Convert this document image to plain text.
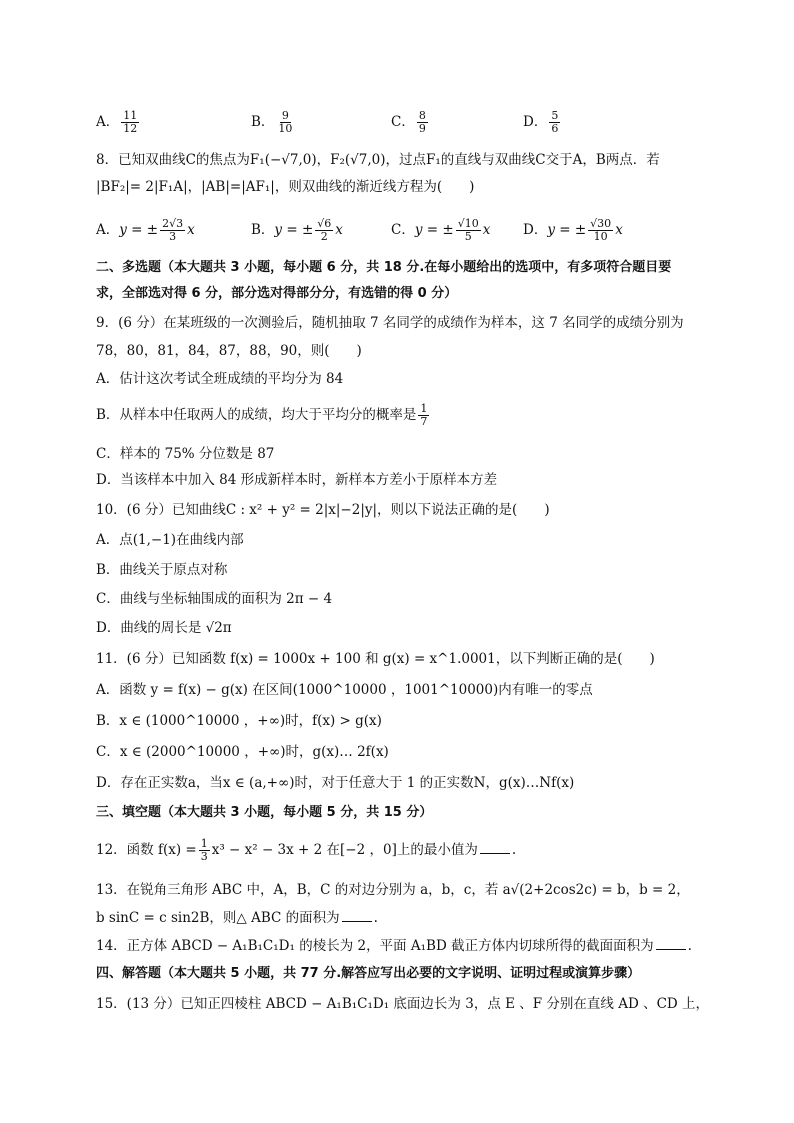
A． $\frac{11}{12}$	B． $\frac{9}{10}$	C． $\frac{8}{9}$	D． $\frac{5}{6}$
8．已知双曲线C的焦点为F₁(−√7,0)，F₂(√7,0)，过点F₁的直线与双曲线C交于A，B两点．若
|BF₂|= 2|F₁A|，|AB|=|AF₁|，则双曲线的渐近线方程为(　　)
A．y = ± $\frac{2√3}{3}$ x	B．y = ± $\frac{√6}{2}$ x	C．y = ± $\frac{√10}{5}$ x D．y = ± $\frac{√30}{10}$ x
二、多选题（本大题共 3 小题，每小题 6 分，共 18 分.在每小题给出的选项中，有多项符合题目要
求，全部选对得 6 分，部分选对得部分分，有选错的得 0 分）
9．(6 分）在某班级的一次测验后，随机抽取 7 名同学的成绩作为样本，这 7 名同学的成绩分别为
78，80，81，84，87，88，90，则(　　)
A．估计这次考试全班成绩的平均分为 84
B．从样本中任取两人的成绩，均大于平均分的概率是 $\frac{1}{7}$
C．样本的 75% 分位数是 87
D．当该样本中加入 84 形成新样本时，新样本方差小于原样本方差
10．(6 分）已知曲线C : x² + y² = 2|x|−2|y|，则以下说法正确的是(　　)
A．点(1,−1)在曲线内部
B．曲线关于原点对称
C．曲线与坐标轴围成的面积为 2π − 4
D．曲线的周长是 √2π
11．(6 分）已知函数 f(x) = 1000x + 100 和 g(x) = x^1.0001，以下判断正确的是(　　)
A．函数 y = f(x) − g(x) 在区间(1000^10000 ，1001^10000)内有唯一的零点
B．x ∈ (1000^10000 ，+∞)时，f(x) > g(x)
C．x ∈ (2000^10000 ，+∞)时，g(x)… 2f(x)
D．存在正实数a，当x ∈ (a,+∞)时，对于任意大于 1 的正实数N，g(x)…Nf(x)
三、填空题（本大题共 3 小题，每小题 5 分，共 15 分）
12．函数 $f(x) = \frac{1}{3} x^3 - x^2 - 3x + 2$ 在[−2 ，0]上的最小值为	.
13．在锐角三角形 ABC 中，A，B，C 的对边分别为 a，b，c，若 a√(2+2cos2c) = b，b = 2，
b sinC = c sin2B，则△ ABC 的面积为	.
14．正方体 ABCD − A₁B₁C₁D₁ 的棱长为 2，平面 A₁BD 截正方体内切球所得的截面面积为	.
四、解答题（本大题共 5 小题，共 77 分.解答应写出必要的文字说明、证明过程或演算步骤）
15．(13 分）已知正四棱柱 ABCD − A₁B₁C₁D₁ 底面边长为 3，点 E 、F 分别在直线 AD 、CD 上，
